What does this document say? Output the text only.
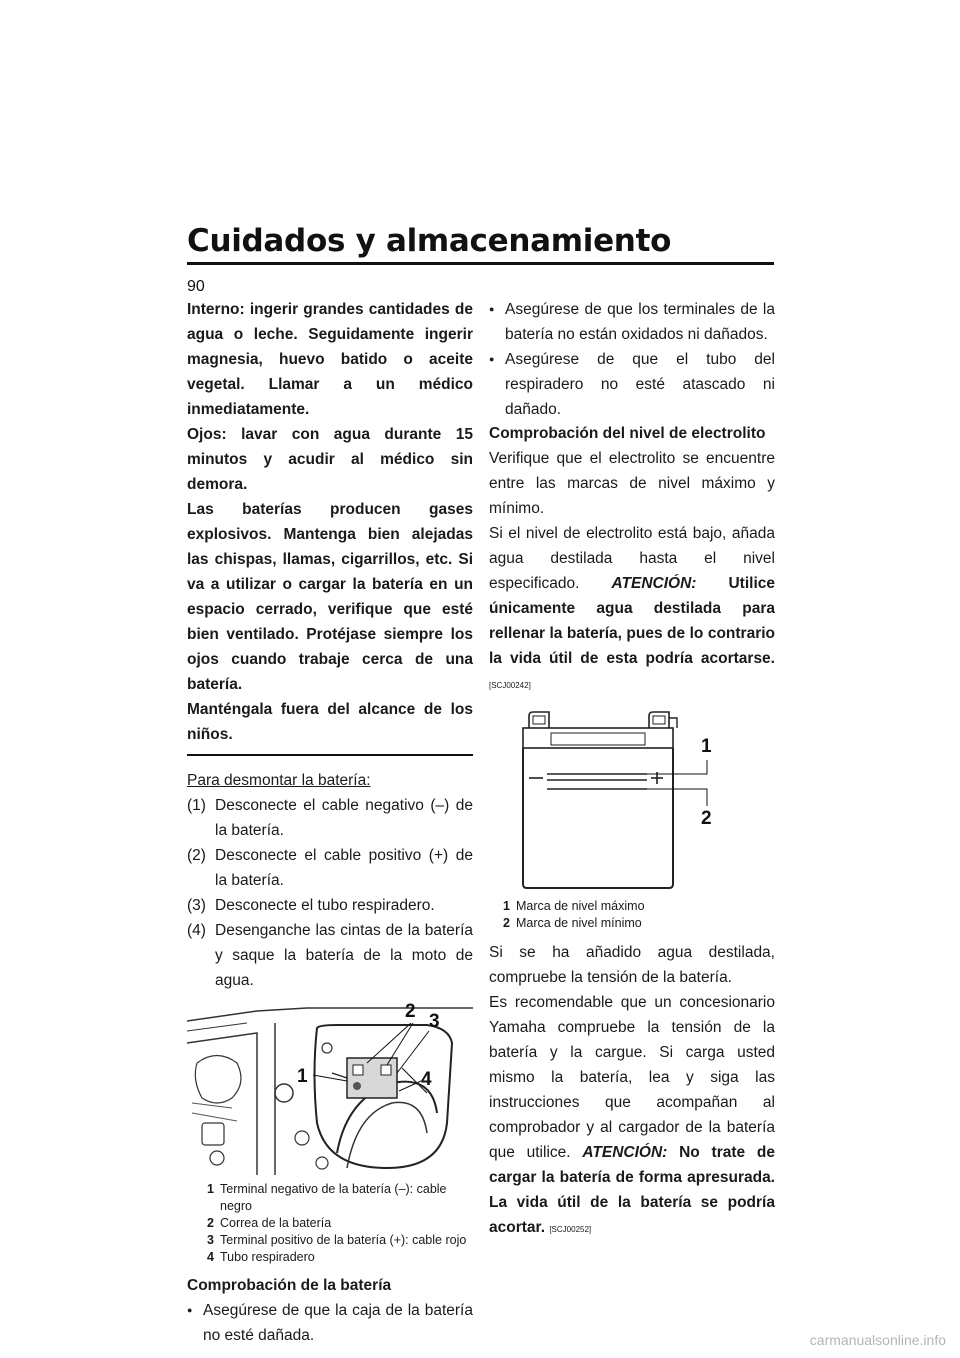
Cuidados y almacenamiento
90

Interno: ingerir grandes cantidades de agua o leche. Seguidamente ingerir magnesia, huevo batido o aceite vegetal. Llamar a un médico inmediatamente.

Ojos: lavar con agua durante 15 minutos y acudir al médico sin demora.

Las baterías producen gases explosivos. Mantenga bien alejadas las chispas, llamas, cigarrillos, etc. Si va a utilizar o cargar la batería en un espacio cerrado, verifique que esté bien ventilado. Protéjase siempre los ojos cuando trabaje cerca de una batería.

Manténgala fuera del alcance de los niños.

Para desmontar la batería:

(1) Desconecte el cable negativo (–) de la batería.
(2) Desconecte el cable positivo (+) de la batería.
(3) Desconecte el tubo respiradero.
(4) Desenganche las cintas de la batería y saque la batería de la moto de agua.
1
2 3
4
1 Terminal negativo de la batería (–): cable negro
2 Correa de la batería
3 Terminal positivo de la batería (+): cable rojo
4 Tubo respiradero

Comprobación de la batería

● Asegúrese de que la caja de la batería no esté dañada.
● Asegúrese de que los terminales de la batería no están oxidados ni dañados.
● Asegúrese de que el tubo del respiradero no esté atascado ni dañado.

Comprobación del nivel de electrolito

Verifique que el electrolito se encuentre entre las marcas de nivel máximo y mínimo.

Si el nivel de electrolito está bajo, añada agua destilada hasta el nivel especificado. ATENCIÓN: Utilice únicamente agua destilada para rellenar la batería, pues de lo contrario la vida útil de esta podría acortarse. [SCJ00242]

1
2
1 Marca de nivel máximo
2 Marca de nivel mínimo

Si se ha añadido agua destilada, compruebe la tensión de la batería.

Es recomendable que un concesionario Yamaha compruebe la tensión de la batería y la cargue. Si carga usted mismo la batería, lea y siga las instrucciones que acompañan al comprobador y al cargador de la batería que utilice. ATENCIÓN: No trate de cargar la batería de forma apresurada. La vida útil de la batería se podría acortar. [SCJ00252]

carmanualsonline.info
